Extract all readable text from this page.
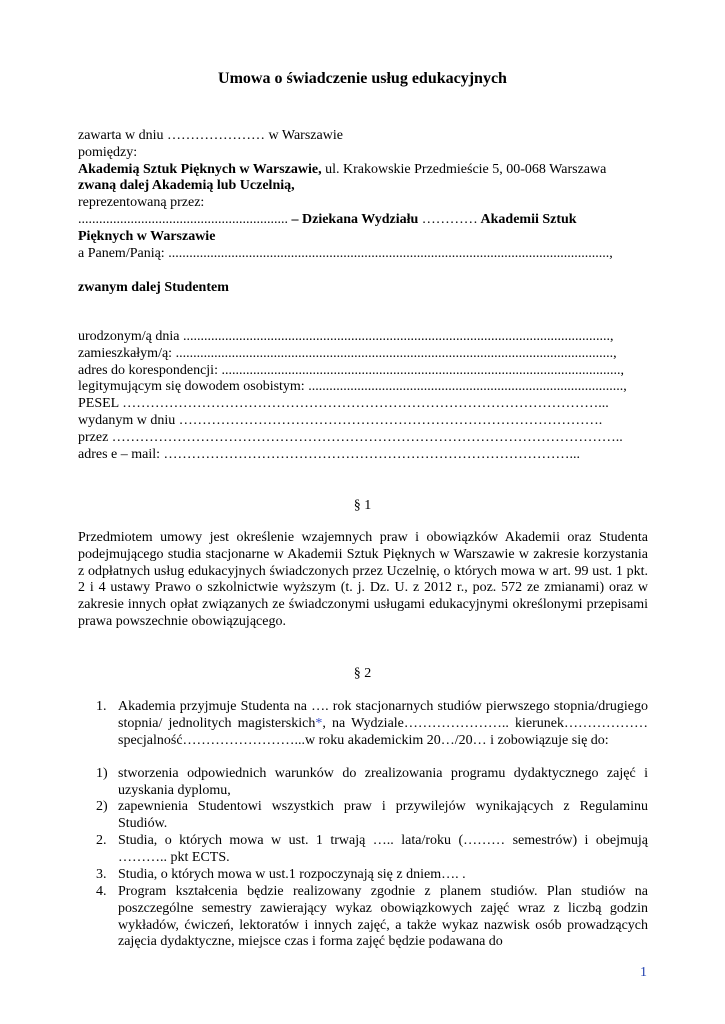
Umowa o świadczenie usług edukacyjnych
zawarta w dniu ………………… w Warszawie
pomiędzy:
Akademią Sztuk Pięknych w Warszawie, ul. Krakowskie Przedmieście 5, 00-068 Warszawa
zwaną dalej Akademią lub Uczelnią,
reprezentowaną przez:
............................................................ – Dziekana Wydziału ………… Akademii Sztuk
Pięknych w Warszawie
a Panem/Panią: ..............................................................................................................................,
zwanym dalej Studentem
urodzonym/ą dnia ..........................................................................................................................,
zamieszkałym/ą: .............................................................................................................................,
adres do korespondencji: ..................................................................................................................,
legitymującym się dowodem osobistym: ..........................................................................................,
PESEL …………………………………………………………………………………………...
wydanym w dniu ……………………………………………………………………………….
przez ………………………………………………………………………………………………..
adres e – mail: ……………………………………………………………………………...
§ 1
Przedmiotem umowy jest określenie wzajemnych praw i obowiązków Akademii oraz Studenta podejmującego studia stacjonarne w Akademii Sztuk Pięknych w Warszawie w zakresie korzystania z odpłatnych usług edukacyjnych świadczonych przez Uczelnię, o których mowa w art. 99 ust. 1 pkt. 2 i 4 ustawy Prawo o szkolnictwie wyższym (t. j. Dz. U. z 2012 r., poz. 572 ze zmianami) oraz w zakresie innych opłat związanych ze świadczonymi usługami edukacyjnymi określonymi przepisami prawa powszechnie obowiązującego.
§ 2
1. Akademia przyjmuje Studenta na …. rok stacjonarnych studiów pierwszego stopnia/drugiego stopnia/ jednolitych magisterskich*, na Wydziale………………….. kierunek………………specjalność……………………...w roku akademickim 20…/20… i zobowiązuje się do:
1) stworzenia odpowiednich warunków do zrealizowania programu dydaktycznego zajęć i uzyskania dyplomu,
2) zapewnienia Studentowi wszystkich praw i przywilejów wynikających z Regulaminu Studiów.
2. Studia, o których mowa w ust. 1 trwają ….. lata/roku (……… semestrów) i obejmują ……….. pkt ECTS.
3. Studia, o których mowa w ust.1 rozpoczynają się z dniem…. .
4. Program kształcenia będzie realizowany zgodnie z planem studiów. Plan studiów na poszczególne semestry zawierający wykaz obowiązkowych zajęć wraz z liczbą godzin wykładów, ćwiczeń, lektoratów i innych zajęć, a także wykaz nazwisk osób prowadzących zajęcia dydaktyczne, miejsce czas i forma zajęć będzie podawana do
1
